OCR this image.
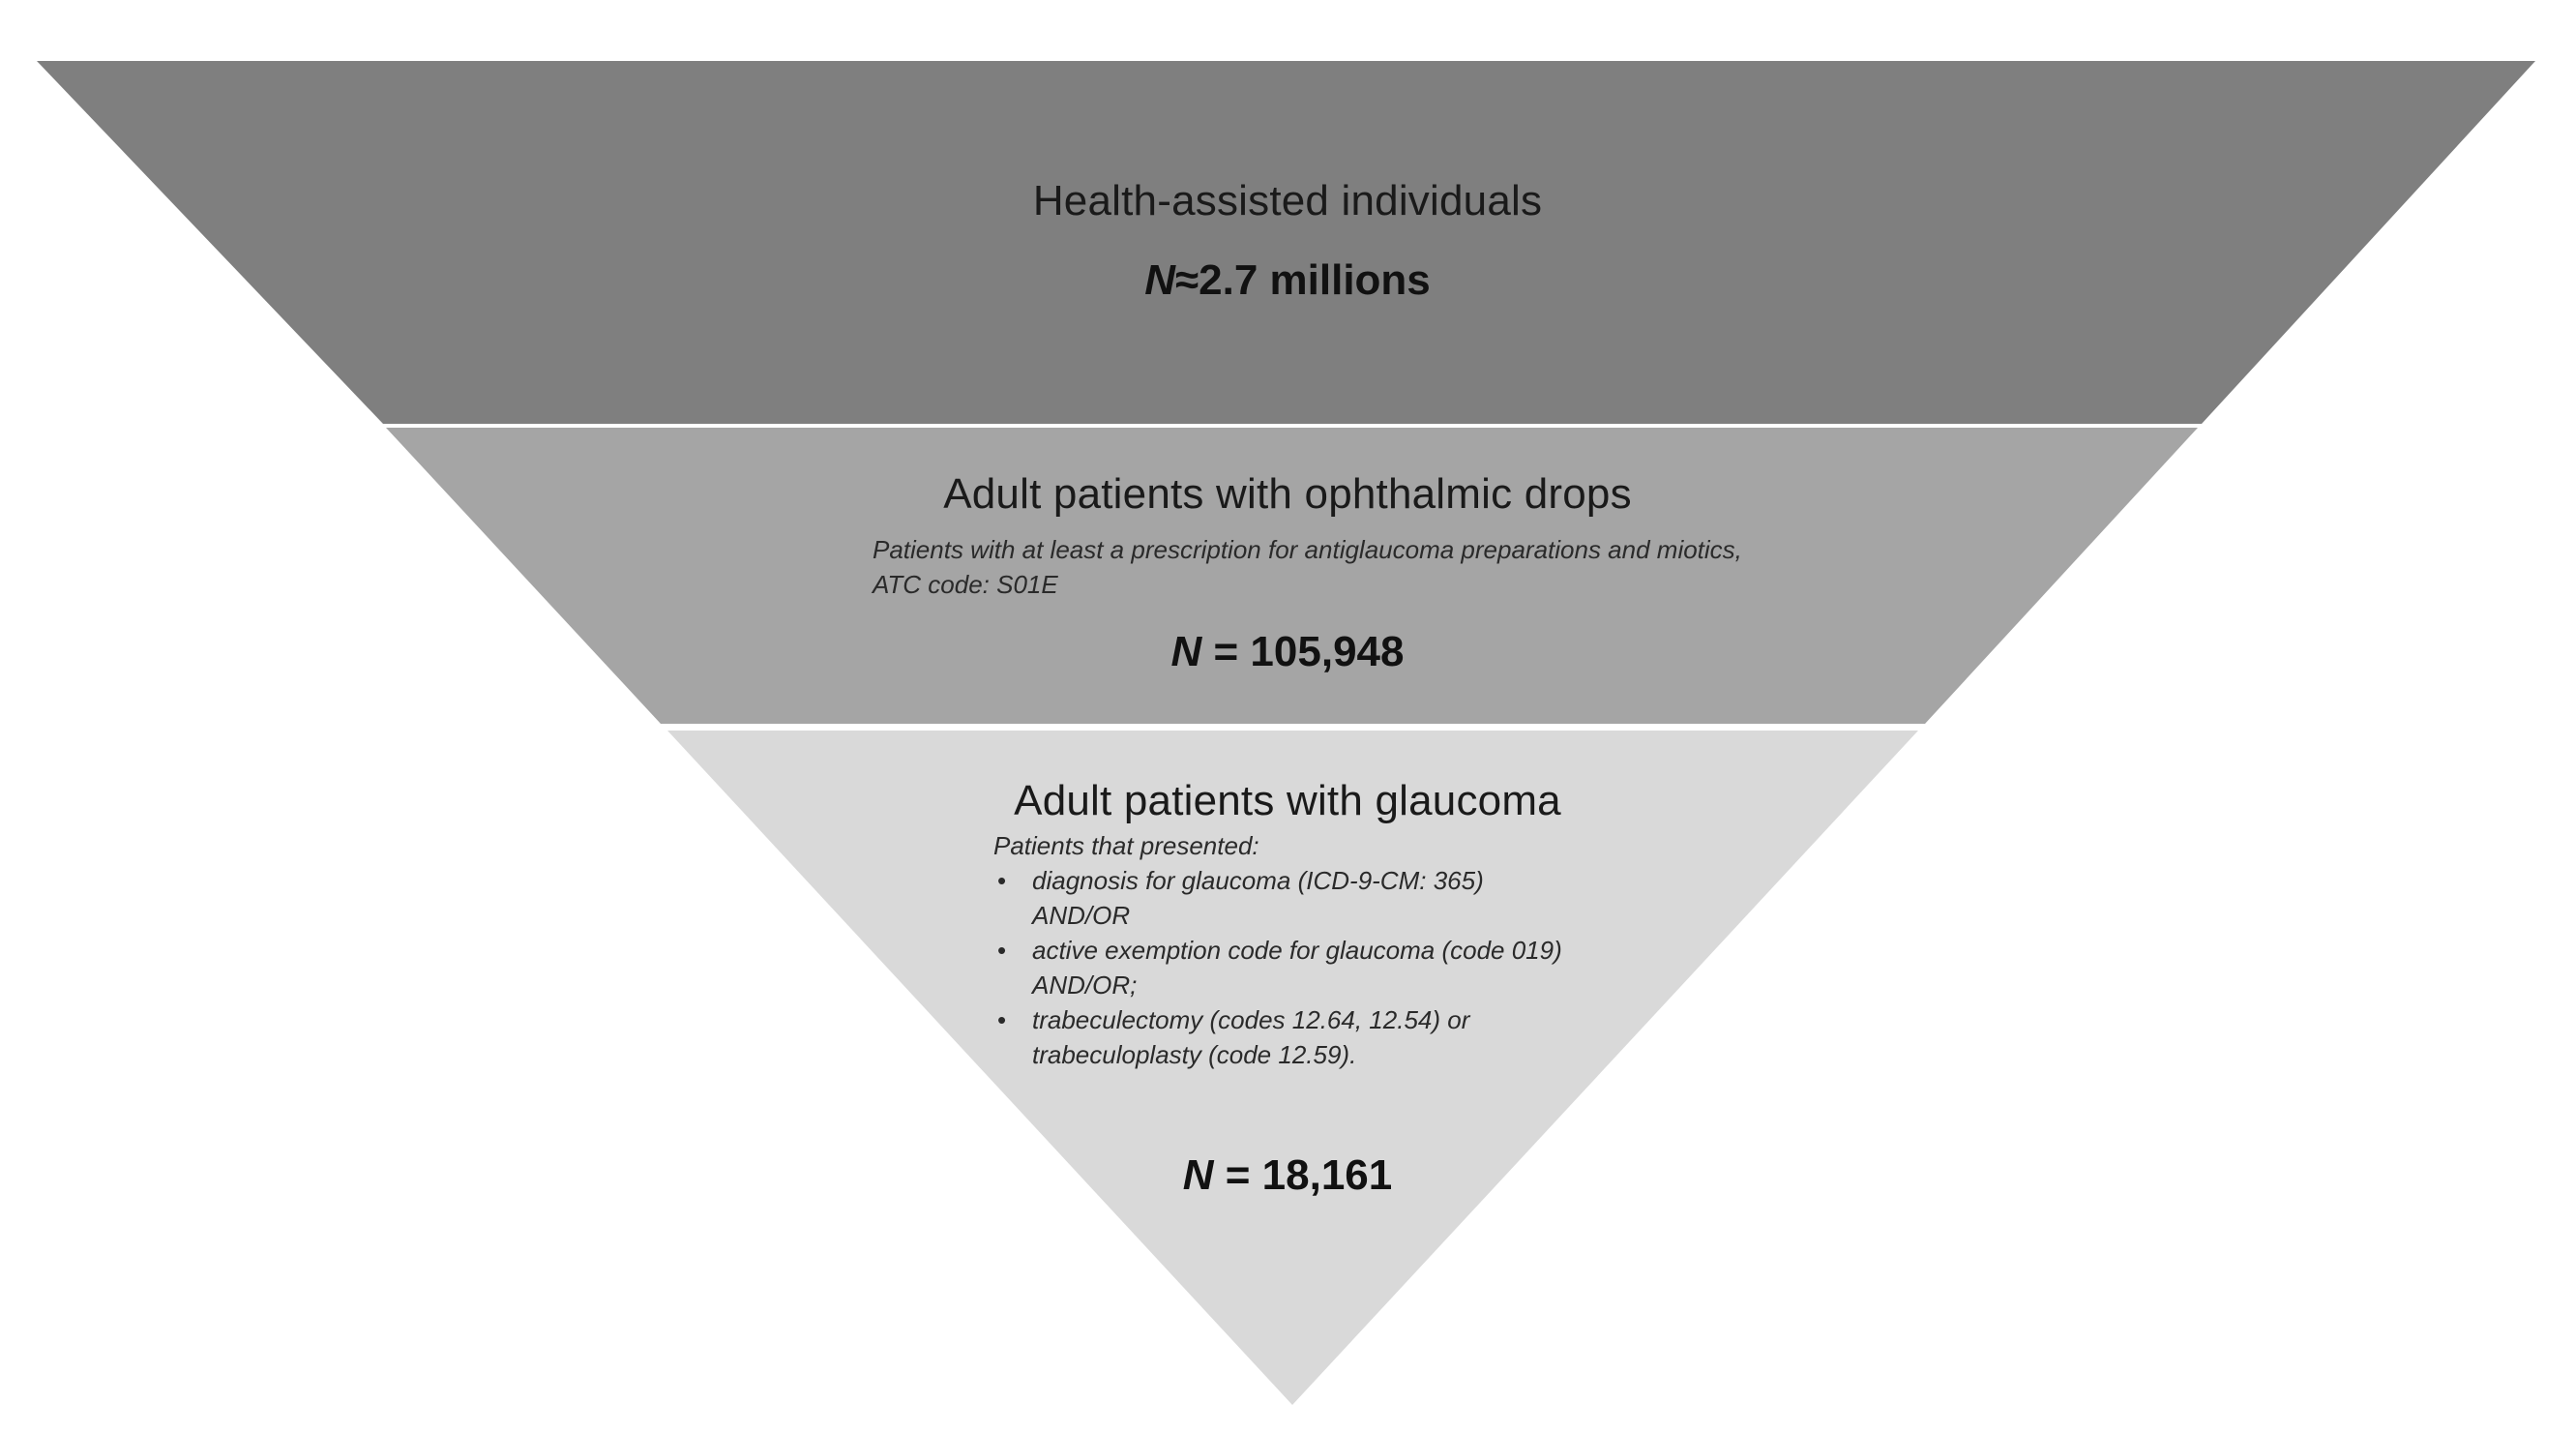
Health-assisted individuals
N≈2.7 millions
Adult patients with ophthalmic drops
Patients with at least a prescription for antiglaucoma preparations and miotics, ATC code: S01E
N = 105,948
Adult patients with glaucoma
Patients that presented:
• diagnosis for glaucoma (ICD-9-CM: 365) AND/OR
• active exemption code for glaucoma (code 019) AND/OR;
• trabeculectomy (codes 12.64, 12.54) or trabeculoplasty (code 12.59).
N = 18,161
